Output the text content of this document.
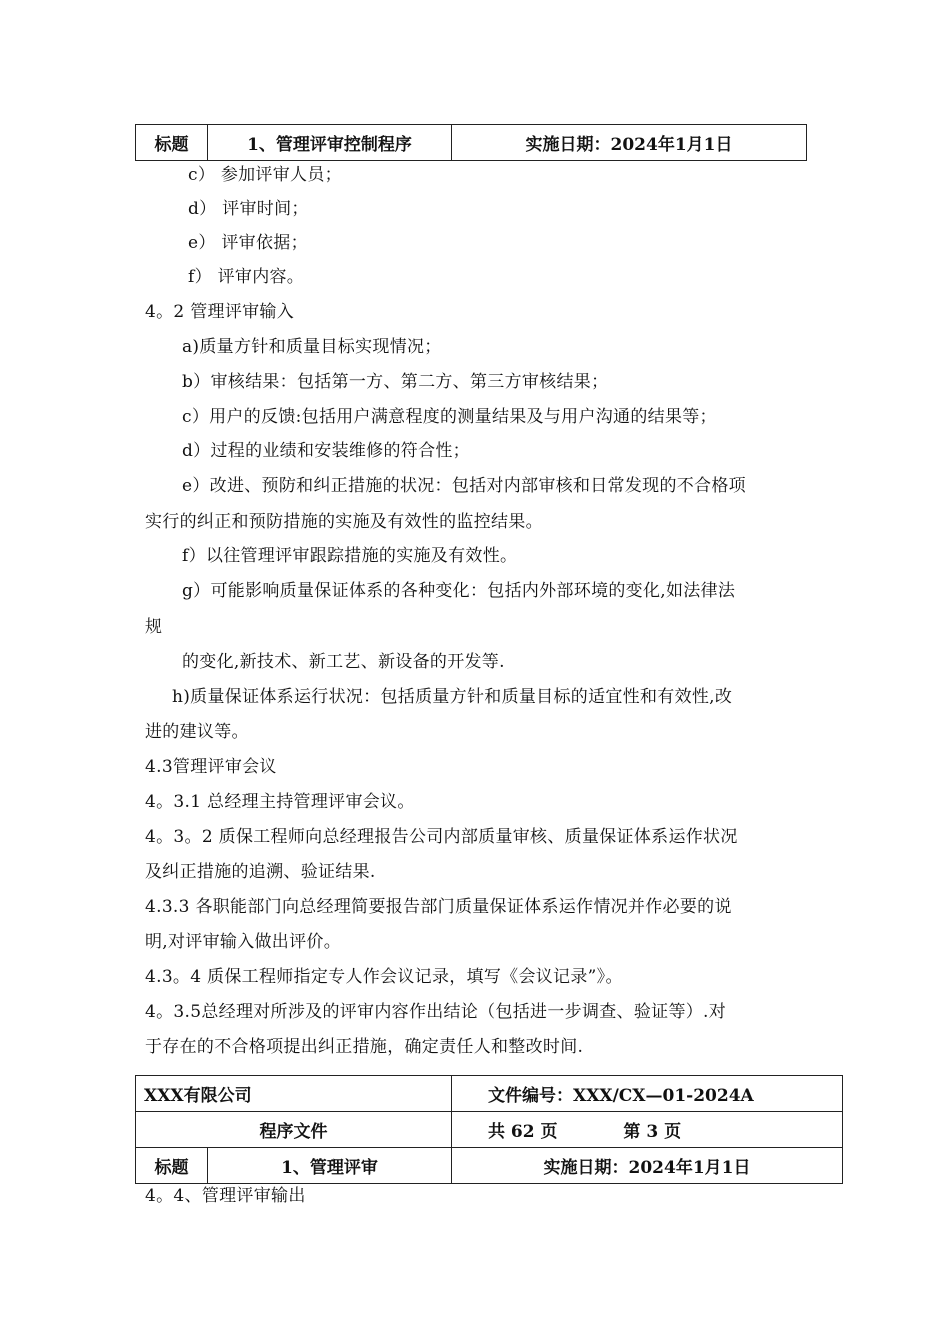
标题	1、管理评审控制程序	实施日期：2024年1月1日
c） 参加评审人员；
d） 评审时间；
e） 评审依据；
f） 评审内容。
4。2 管理评审输入
a)质量方针和质量目标实现情况；
b）审核结果：包括第一方、第二方、第三方审核结果；
c）用户的反馈:包括用户满意程度的测量结果及与用户沟通的结果等；
d）过程的业绩和安装维修的符合性；
e）改进、预防和纠正措施的状况：包括对内部审核和日常发现的不合格项
实行的纠正和预防措施的实施及有效性的监控结果。
f）以往管理评审跟踪措施的实施及有效性。
g）可能影响质量保证体系的各种变化：包括内外部环境的变化,如法律法
规
的变化,新技术、新工艺、新设备的开发等.
h)质量保证体系运行状况：包括质量方针和质量目标的适宜性和有效性,改
进的建议等。
4.3管理评审会议
4。3.1 总经理主持管理评审会议。
4。3。2 质保工程师向总经理报告公司内部质量审核、质量保证体系运作状况
及纠正措施的追溯、验证结果.
4.3.3 各职能部门向总经理简要报告部门质量保证体系运作情况并作必要的说
明,对评审输入做出评价。
4.3。4 质保工程师指定专人作会议记录，填写《会议记录”》。
4。3.5总经理对所涉及的评审内容作出结论（包括进一步调查、验证等）.对
于存在的不合格项提出纠正措施，确定责任人和整改时间.
XXX有限公司		文件编号：XXX/CX—01-2024A
程序文件		共 62 页 第 3 页
标题	1、管理评审	实施日期：2024年1月1日
4。4、管理评审输出
